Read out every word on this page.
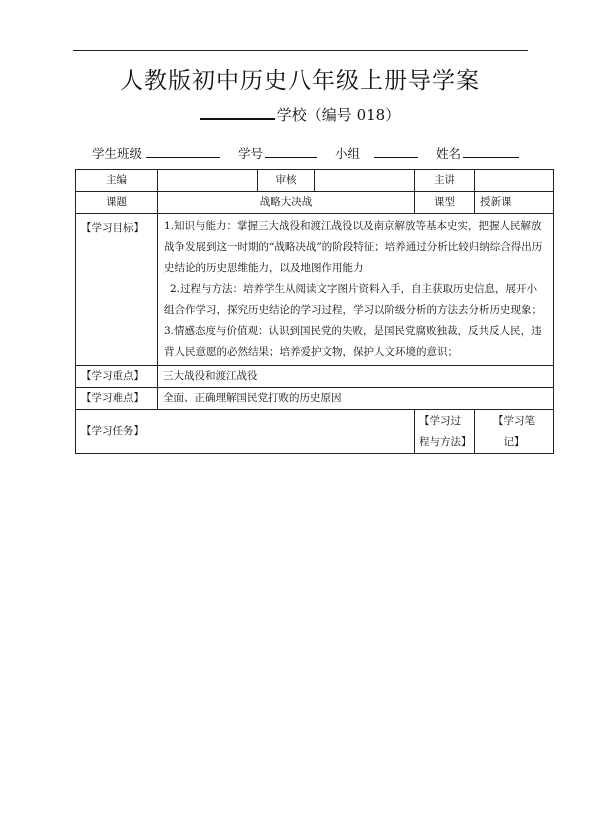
人教版初中历史八年级上册导学案
学校（编号 018）
学生班级	学号	小组	姓名
主编		审核		主讲	
课题	战略大决战			课型	授新课
【学习目标】	1.知识与能力：掌握三大战役和渡江战役以及南京解放等基本史实，把握人民解放战争发展到这一时期的“战略决战”的阶段特征；培养通过分析比较归纳综合得出历史结论的历史思维能力，以及地图作用能力

2.过程与方法：培养学生从阅读文字图片资料入手，自主获取历史信息，展开小组合作学习，探究历史结论的学习过程，学习以阶级分析的方法去分析历史现象；

3.情感态度与价值观：认识到国民党的失败，是国民党腐败独裁，反共反人民，违背人民意愿的必然结果；培养爱护文物，保护人文环境的意识；				

【学习重点】	三大战役和渡江战役				
【学习难点】	全面、正确理解国民党打败的历史原因				
【学习任务】				【学习过程与方法】	【学习笔记】
